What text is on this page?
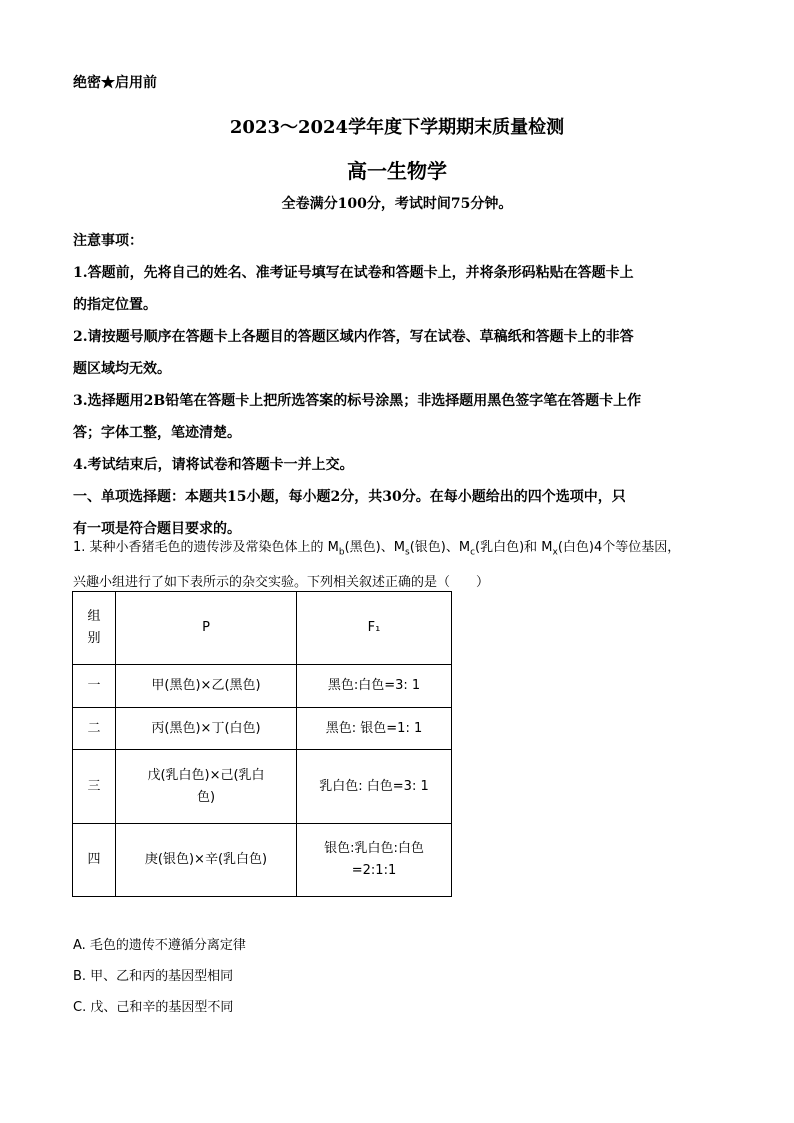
绝密★启用前
2023～2024学年度下学期期末质量检测
高一生物学
全卷满分100分，考试时间75分钟。

注意事项：

1.答题前，先将自己的姓名、准考证号填写在试卷和答题卡上，并将条形码粘贴在答题卡上

的指定位置。

2.请按题号顺序在答题卡上各题目的答题区域内作答，写在试卷、草稿纸和答题卡上的非答

题区域均无效。

3.选择题用2B铅笔在答题卡上把所选答案的标号涂黑；非选择题用黑色签字笔在答题卡上作

答；字体工整，笔迹清楚。

4.考试结束后，请将试卷和答题卡一并上交。

一、单项选择题：本题共15小题，每小题2分，共30分。在每小题给出的四个选项中，只

有一项是符合题目要求的。

1. 某种小香猪毛色的遗传涉及常染色体上的 $M_b$(黑色)、$M_s$(银色)、$M_c$(乳白色)和 $M_x$(白色)4个等位基因，
兴趣小组进行了如下表所示的杂交实验。下列相关叙述正确的是（　　）
组
别	P	F₁
一	甲(黑色)×乙(黑色)	黑色:白色=3: 1
二	丙(黑色)×丁(白色)	黑色: 银色=1: 1
三	戊(乳白色)×己(乳白
色)	乳白色: 白色=3: 1
四	庚(银色)×辛(乳白色)	银色:乳白色:白色
=2:1:1
A. 毛色的遗传不遵循分离定律
B. 甲、乙和丙的基因型相同
C. 戊、己和辛的基因型不同
